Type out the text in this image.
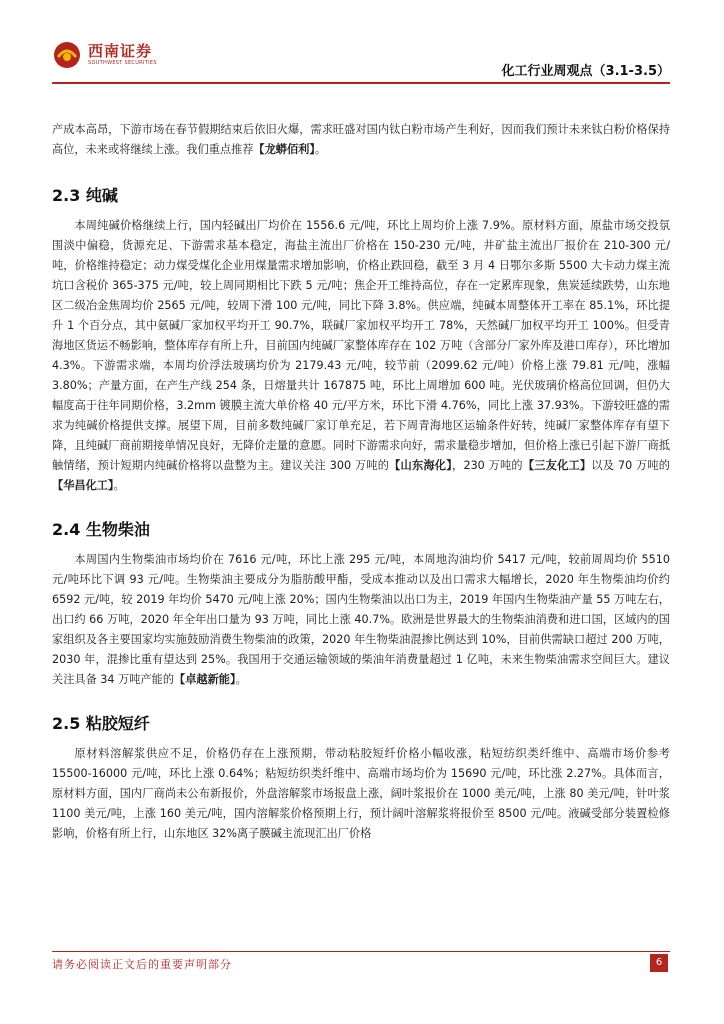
西南证券
SOUTHWEST SECURITIES
化工行业周观点（3.1-3.5）

产成本高昂，下游市场在春节假期结束后依旧火爆，需求旺盛对国内钛白粉市场产生利好，因而我们预计未来钛白粉价格保持高位，未来或将继续上涨。我们重点推荐【龙蟒佰利】。

2.3 纯碱

本周纯碱价格继续上行，国内轻碱出厂均价在 1556.6 元/吨，环比上周均价上涨 7.9%。原材料方面，原盐市场交投氛围淡中偏稳，货源充足、下游需求基本稳定，海盐主流出厂价格在 150-230 元/吨，井矿盐主流出厂报价在 210-300 元/吨，价格维持稳定；动力煤受煤化企业用煤量需求增加影响，价格止跌回稳，截至 3 月 4 日鄂尔多斯 5500 大卡动力煤主流坑口含税价 365-375 元/吨，较上周同期相比下跌 5 元/吨；焦企开工维持高位，存在一定累库现象，焦炭延续跌势，山东地区二级冶金焦周均价 2565 元/吨，较周下滑 100 元/吨，同比下降 3.8%。供应端，纯碱本周整体开工率在 85.1%，环比提升 1 个百分点，其中氨碱厂家加权平均开工 90.7%，联碱厂家加权平均开工 78%，天然碱厂加权平均开工 100%。但受青海地区货运不畅影响，整体库存有所上升，目前国内纯碱厂家整体库存在 102 万吨（含部分厂家外库及港口库存），环比增加 4.3%。下游需求端，本周均价浮法玻璃均价为 2179.43 元/吨，较节前（2099.62 元/吨）价格上涨 79.81 元/吨，涨幅 3.80%；产量方面，在产生产线 254 条，日熔量共计 167875 吨，环比上周增加 600 吨。光伏玻璃价格高位回调，但仍大幅度高于往年同期价格，3.2mm 镀膜主流大单价格 40 元/平方米，环比下滑 4.76%，同比上涨 37.93%。下游较旺盛的需求为纯碱价格提供支撑。展望下周，目前多数纯碱厂家订单充足，若下周青海地区运输条件好转，纯碱厂家整体库存有望下降，且纯碱厂商前期接单情况良好，无降价走量的意愿。同时下游需求向好，需求量稳步增加，但价格上涨已引起下游厂商抵触情绪，预计短期内纯碱价格将以盘整为主。建议关注 300 万吨的【山东海化】，230 万吨的【三友化工】以及 70 万吨的【华昌化工】。

2.4 生物柴油

本周国内生物柴油市场均价在 7616 元/吨，环比上涨 295 元/吨，本周地沟油均价 5417 元/吨，较前周周均价 5510 元/吨环比下调 93 元/吨。生物柴油主要成分为脂肪酸甲酯，受成本推动以及出口需求大幅增长，2020 年生物柴油均价约 6592 元/吨，较 2019 年均价 5470 元/吨上涨 20%；国内生物柴油以出口为主，2019 年国内生物柴油产量 55 万吨左右，出口约 66 万吨，2020 年全年出口量为 93 万吨，同比上涨 40.7%。欧洲是世界最大的生物柴油消费和进口国，区域内的国家组织及各主要国家均实施鼓励消费生物柴油的政策，2020 年生物柴油混掺比例达到 10%，目前供需缺口超过 200 万吨，2030 年，混掺比重有望达到 25%。我国用于交通运输领域的柴油年消费量超过 1 亿吨，未来生物柴油需求空间巨大。建议关注具备 34 万吨产能的【卓越新能】。

2.5 粘胶短纤

原材料溶解浆供应不足，价格仍存在上涨预期，带动粘胶短纤价格小幅收涨，粘短纺织类纤维中、高端市场价参考 15500-16000 元/吨，环比上涨 0.64%；粘短纺织类纤维中、高端市场均价为 15690 元/吨，环比涨 2.27%。具体而言，原材料方面，国内厂商尚未公布新报价，外盘溶解浆市场报盘上涨，阔叶浆报价在 1000 美元/吨，上涨 80 美元/吨，针叶浆 1100 美元/吨，上涨 160 美元/吨，国内溶解浆价格预期上行，预计阔叶溶解浆将报价至 8500 元/吨。液碱受部分装置检修影响，价格有所上行，山东地区 32%离子膜碱主流现汇出厂价格

请务必阅读正文后的重要声明部分	6
